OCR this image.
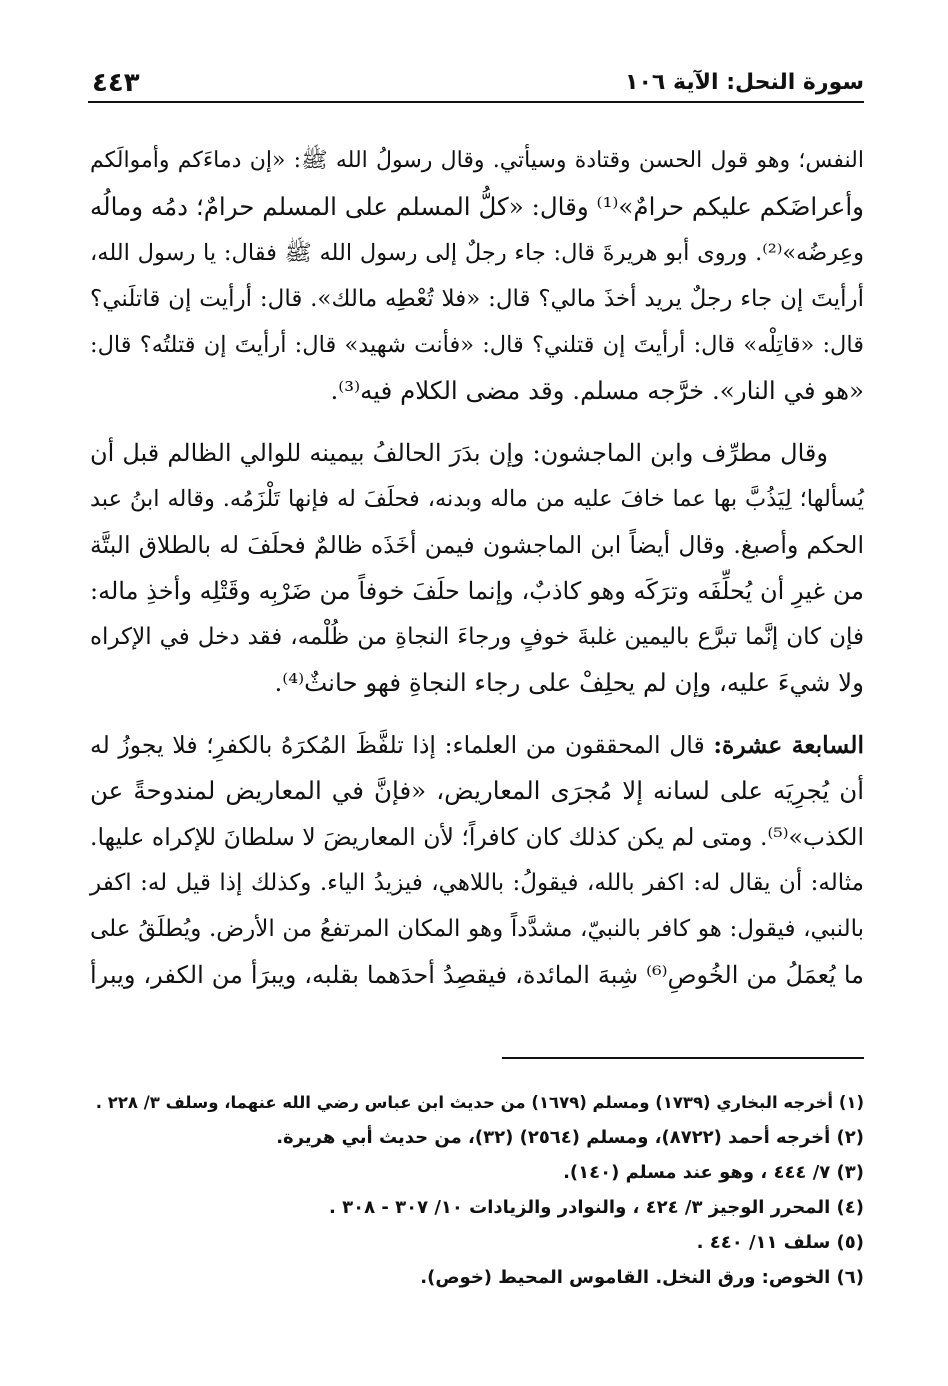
سورة النحل: الآية ١٠٦
٤٤٣
النفس؛ وهو قول الحسن وقتادة وسيأتي. وقال رسولُ الله ﷺ: «إن دماءَكم وأموالَكم
وأعراضَكم عليكم حرامٌ»⁽¹⁾ وقال: «كلُّ المسلم على المسلم حرامٌ؛ دمُه ومالُه
وعِرضُه»⁽²⁾. وروى أبو هريرةَ قال: جاء رجلٌ إلى رسول الله ﷺ فقال: يا رسول الله،
أرأيتَ إن جاء رجلٌ يريد أخذَ مالي؟ قال: «فلا تُعْطِه مالك». قال: أرأيت إن قاتلَني؟
قال: «قاتِلْه» قال: أرأيتَ إن قتلني؟ قال: «فأنت شهيد» قال: أرأيتَ إن قتلتُه؟ قال:
«هو في النار». خرَّجه مسلم. وقد مضى الكلام فيه⁽³⁾.
وقال مطرِّف وابن الماجشون: وإن بدَرَ الحالفُ بيمينه للوالي الظالم قبل أن
يُسألها؛ لِيَذُبَّ بها عما خافَ عليه من ماله وبدنه، فحلَفَ له فإنها تَلْزَمُه. وقاله ابنُ عبد
الحكم وأصبغ. وقال أيضاً ابن الماجشون فيمن أخَذَه ظالمٌ فحلَفَ له بالطلاق البتَّة
من غيرِ أن يُحلِّفَه وترَكَه وهو كاذبٌ، وإنما حلَفَ خوفاً من ضَرْبِه وقَتْلِه وأخذِ ماله:
فإن كان إنَّما تبرَّع باليمين غلبةَ خوفٍ ورجاءَ النجاةِ من ظُلْمه، فقد دخل في الإكراه
ولا شيءَ عليه، وإن لم يحلِفْ على رجاء النجاةِ فهو حانثٌ⁽⁴⁾.
السابعة عشرة: قال المحققون من العلماء: إذا تلفَّظَ المُكرَهُ بالكفرِ؛ فلا يجوزُ له
أن يُجرِيَه على لسانه إلا مُجرَى المعاريض، «فإنَّ في المعاريض لمندوحةً عن
الكذب»⁽⁵⁾. ومتى لم يكن كذلك كان كافراً؛ لأن المعاريضَ لا سلطانَ للإكراه عليها.
مثاله: أن يقال له: اكفر بالله، فيقولُ: باللاهي، فيزيدُ الياء. وكذلك إذا قيل له: اكفر
بالنبي، فيقول: هو كافر بالنبيّ، مشدَّداً وهو المكان المرتفعُ من الأرض. ويُطلَقُ على
ما يُعمَلُ من الخُوصِ⁽⁶⁾ شِبهَ المائدة، فيقصِدُ أحدَهما بقلبه، ويبرَأ من الكفر، ويبرأ
(١) أخرجه البخاري (١٧٣٩) ومسلم (١٦٧٩) من حديث ابن عباس رضي الله عنهما، وسلف ٣/ ٢٢٨ .
(٢) أخرجه أحمد (٨٧٢٢)، ومسلم (٢٥٦٤) (٣٢)، من حديث أبي هريرة.
(٣) ٧/ ٤٤٤ ، وهو عند مسلم (١٤٠).
(٤) المحرر الوجيز ٣/ ٤٢٤ ، والنوادر والزيادات ١٠/ ٣٠٧ - ٣٠٨ .
(٥) سلف ١١/ ٤٤٠ .
(٦) الخوص: ورق النخل. القاموس المحيط (خوص).
